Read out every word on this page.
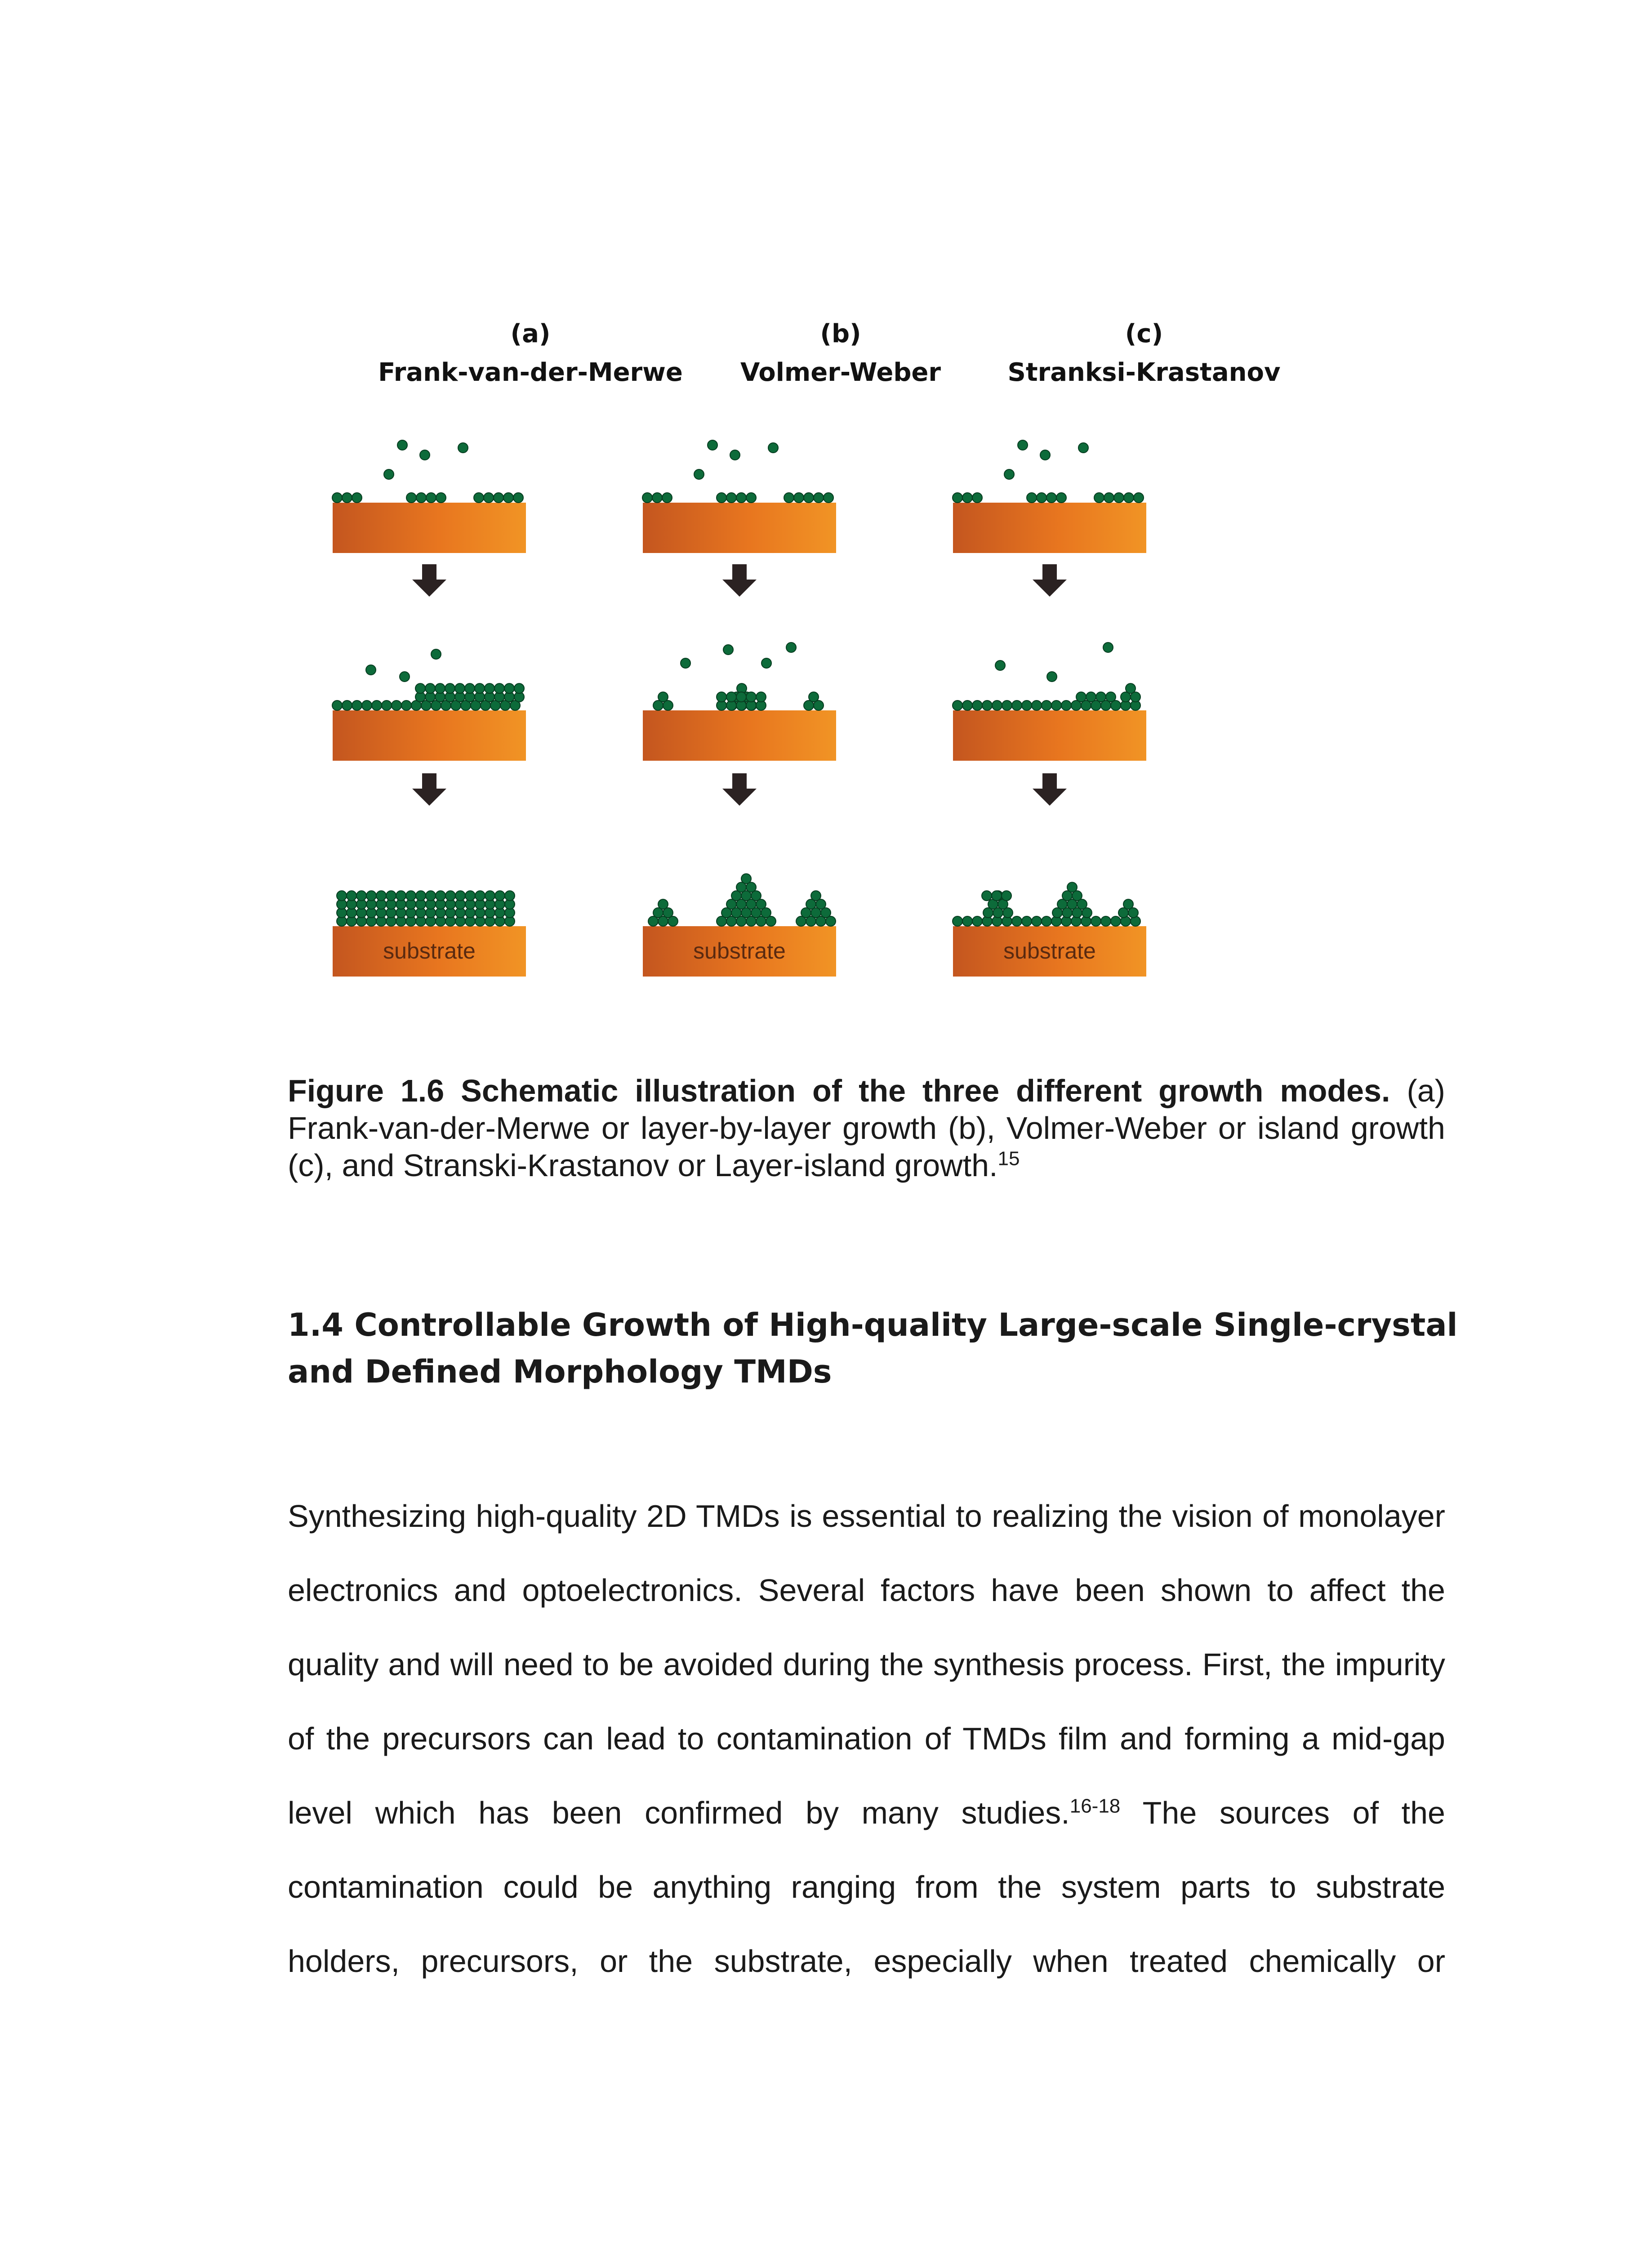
(a)
Frank-van-der-Merwe
(b)
Volmer-Weber
(c)
Stranksi-Krastanov
substrate	substrate	substrate
Figure 1.6 Schematic illustration of the three different growth modes. (a) Frank-van-der-Merwe or layer-by-layer growth (b), Volmer-Weber or island growth (c), and Stranski-Krastanov or Layer-island growth.$^{15}$
1.4 Controllable Growth of High-quality Large-scale Single-crystal and Defined Morphology TMDs
Synthesizing high-quality 2D TMDs is essential to realizing the vision of monolayer electronics and optoelectronics. Several factors have been shown to affect the quality and will need to be avoided during the synthesis process. First, the impurity of the precursors can lead to contamination of TMDs film and forming a mid-gap level which has been confirmed by many studies.$^{16-18}$ The sources of the contamination could be anything ranging from the system parts to substrate holders, precursors, or the substrate, especially when treated chemically or
